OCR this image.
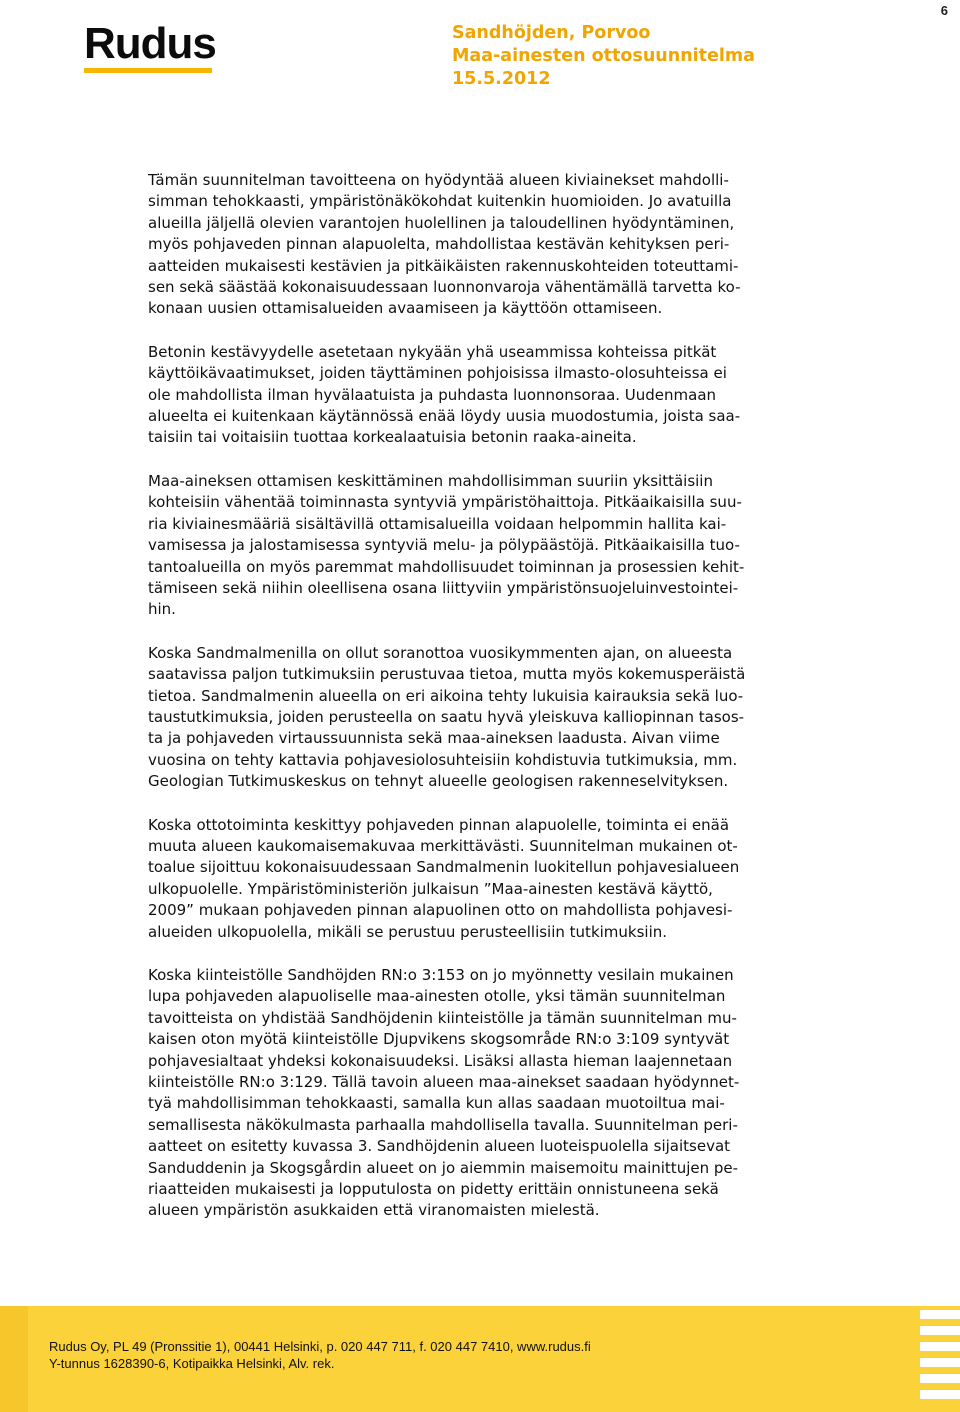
6
Rudus	Sandhöjden, Porvoo
Maa-ainesten ottosuunnitelma
15.5.2012

Tämän suunnitelman tavoitteena on hyödyntää alueen kiviainekset mahdolli-
simman tehokkaasti, ympäristönäkökohdat kuitenkin huomioiden. Jo avatuilla
alueilla jäljellä olevien varantojen huolellinen ja taloudellinen hyödyntäminen,
myös pohjaveden pinnan alapuolelta, mahdollistaa kestävän kehityksen peri-
aatteiden mukaisesti kestävien ja pitkäikäisten rakennuskohteiden toteuttami-
sen sekä säästää kokonaisuudessaan luonnonvaroja vähentämällä tarvetta ko-
konaan uusien ottamisalueiden avaamiseen ja käyttöön ottamiseen.

Betonin kestävyydelle asetetaan nykyään yhä useammissa kohteissa pitkät
käyttöikävaatimukset, joiden täyttäminen pohjoisissa ilmasto-olosuhteissa ei
ole mahdollista ilman hyvälaatuista ja puhdasta luonnonsoraa. Uudenmaan
alueelta ei kuitenkaan käytännössä enää löydy uusia muodostumia, joista saa-
taisiin tai voitaisiin tuottaa korkealaatuisia betonin raaka-aineita.

Maa-aineksen ottamisen keskittäminen mahdollisimman suuriin yksittäisiin
kohteisiin vähentää toiminnasta syntyviä ympäristöhaittoja. Pitkäaikaisilla suu-
ria kiviainesmääriä sisältävillä ottamisalueilla voidaan helpommin hallita kai-
vamisessa ja jalostamisessa syntyviä melu- ja pölypäästöjä. Pitkäaikaisilla tuo-
tantoalueilla on myös paremmat mahdollisuudet toiminnan ja prosessien kehit-
tämiseen sekä niihin oleellisena osana liittyviin ympäristönsuojeluinvestointei-
hin.

Koska Sandmalmenilla on ollut soranottoa vuosikymmenten ajan, on alueesta
saatavissa paljon tutkimuksiin perustuvaa tietoa, mutta myös kokemusperäistä
tietoa. Sandmalmenin alueella on eri aikoina tehty lukuisia kairauksia sekä luo-
taustutkimuksia, joiden perusteella on saatu hyvä yleiskuva kalliopinnan tasos-
ta ja pohjaveden virtaussuunnista sekä maa-aineksen laadusta. Aivan viime
vuosina on tehty kattavia pohjavesiolosuhteisiin kohdistuvia tutkimuksia, mm.
Geologian Tutkimuskeskus on tehnyt alueelle geologisen rakenneselvityksen.

Koska ottotoiminta keskittyy pohjaveden pinnan alapuolelle, toiminta ei enää
muuta alueen kaukomaisemakuvaa merkittävästi. Suunnitelman mukainen ot-
toalue sijoittuu kokonaisuudessaan Sandmalmenin luokitellun pohjavesialueen
ulkopuolelle. Ympäristöministeriön julkaisun ”Maa-ainesten kestävä käyttö,
2009” mukaan pohjaveden pinnan alapuolinen otto on mahdollista pohjavesi-
alueiden ulkopuolella, mikäli se perustuu perusteellisiin tutkimuksiin.

Koska kiinteistölle Sandhöjden RN:o 3:153 on jo myönnetty vesilain mukainen
lupa pohjaveden alapuoliselle maa-ainesten otolle, yksi tämän suunnitelman
tavoitteista on yhdistää Sandhöjdenin kiinteistölle ja tämän suunnitelman mu-
kaisen oton myötä kiinteistölle Djupvikens skogsområde RN:o 3:109 syntyvät
pohjavesialtaat yhdeksi kokonaisuudeksi. Lisäksi allasta hieman laajennetaan
kiinteistölle RN:o 3:129. Tällä tavoin alueen maa-ainekset saadaan hyödynnet-
tyä mahdollisimman tehokkaasti, samalla kun allas saadaan muotoiltua mai-
semallisesta näkökulmasta parhaalla mahdollisella tavalla. Suunnitelman peri-
aatteet on esitetty kuvassa 3. Sandhöjdenin alueen luoteispuolella sijaitsevat
Sanduddenin ja Skogsgårdin alueet on jo aiemmin maisemoitu mainittujen pe-
riaatteiden mukaisesti ja lopputulosta on pidetty erittäin onnistuneena sekä
alueen ympäristön asukkaiden että viranomaisten mielestä.

Rudus Oy, PL 49 (Pronssitie 1), 00441 Helsinki, p. 020 447 711, f. 020 447 7410, www.rudus.fi
Y-tunnus 1628390-6, Kotipaikka Helsinki, Alv. rek.
